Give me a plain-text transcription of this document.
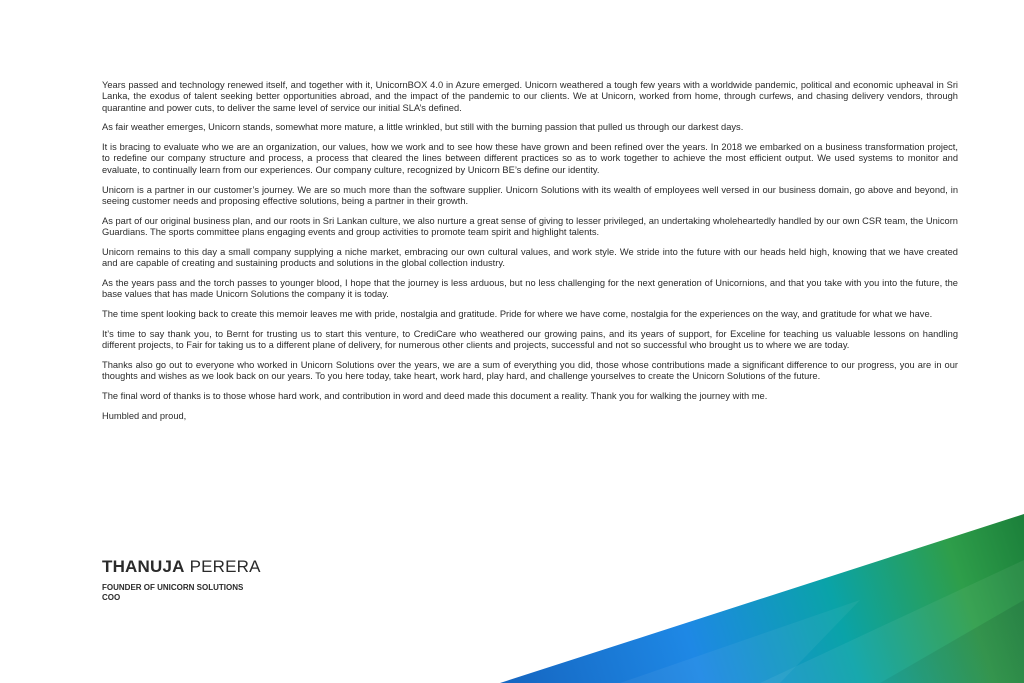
Years passed and technology renewed itself, and together with it, UnicornBOX 4.0 in Azure emerged. Unicorn weathered a tough few years with a worldwide pandemic, political and economic upheaval in Sri Lanka, the exodus of talent seeking better opportunities abroad, and the impact of the pandemic to our clients. We at Unicorn, worked from home, through curfews, and chasing delivery vendors, through quarantine and power cuts, to deliver the same level of service our initial SLA’s defined.

As fair weather emerges, Unicorn stands, somewhat more mature, a little wrinkled, but still with the burning passion that pulled us through our darkest days.

It is bracing to evaluate who we are an organization, our values, how we work and to see how these have grown and been refined over the years. In 2018 we embarked on a business transformation project, to redefine our company structure and process, a process that cleared the lines between different practices so as to work together to achieve the most efficient output. We used systems to monitor and evaluate, to continually learn from our experiences. Our company culture, recognized by Unicorn BE’s define our identity.

Unicorn is a partner in our customer’s journey. We are so much more than the software supplier. Unicorn Solutions with its wealth of employees well versed in our business domain, go above and beyond, in seeing customer needs and proposing effective solutions, being a partner in their growth.

As part of our original business plan, and our roots in Sri Lankan culture, we also nurture a great sense of giving to lesser privileged, an undertaking wholeheartedly handled by our own CSR team, the Unicorn Guardians. The sports committee plans engaging events and group activities to promote team spirit and highlight talents.

Unicorn remains to this day a small company supplying a niche market, embracing our own cultural values, and work style. We stride into the future with our heads held high, knowing that we have created and are capable of creating and sustaining products and solutions in the global collection industry.

As the years pass and the torch passes to younger blood, I hope that the journey is less arduous, but no less challenging for the next generation of Unicornions, and that you take with you into the future, the base values that has made Unicorn Solutions the company it is today.

The time spent looking back to create this memoir leaves me with pride, nostalgia and gratitude. Pride for where we have come, nostalgia for the experiences on the way, and gratitude for what we have.

It’s time to say thank you, to Bernt for trusting us to start this venture, to CrediCare who weathered our growing pains, and its years of support, for Exceline for teaching us valuable lessons on handling different projects, to Fair for taking us to a different plane of delivery, for numerous other clients and projects, successful and not so successful who brought us to where we are today.

Thanks also go out to everyone who worked in Unicorn Solutions over the years, we are a sum of everything you did, those whose contributions made a significant difference to our progress, you are in our thoughts and wishes as we look back on our years. To you here today, take heart, work hard, play hard, and challenge yourselves to create the Unicorn Solutions of the future.

The final word of thanks is to those whose hard work, and contribution in word and deed made this document a reality. Thank you for walking the journey with me.

Humbled and proud,
THANUJA PERERA
FOUNDER OF UNICORN SOLUTIONS
COO
